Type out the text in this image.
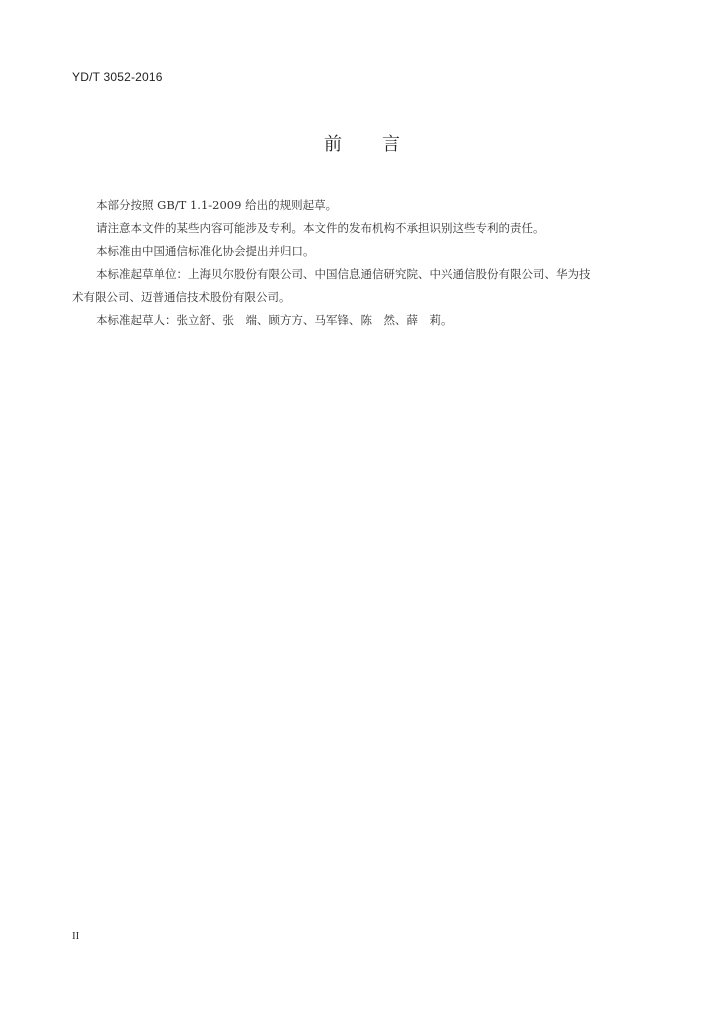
YD/T 3052-2016
前言

本部分按照 GB/T 1.1-2009 给出的规则起草。

请注意本文件的某些内容可能涉及专利。本文件的发布机构不承担识别这些专利的责任。

本标准由中国通信标准化协会提出并归口。

本标准起草单位：上海贝尔股份有限公司、中国信息通信研究院、中兴通信股份有限公司、华为技
术有限公司、迈普通信技术股份有限公司。

本标准起草人：张立舒、张　端、顾方方、马军锋、陈　然、薛　莉。

II
